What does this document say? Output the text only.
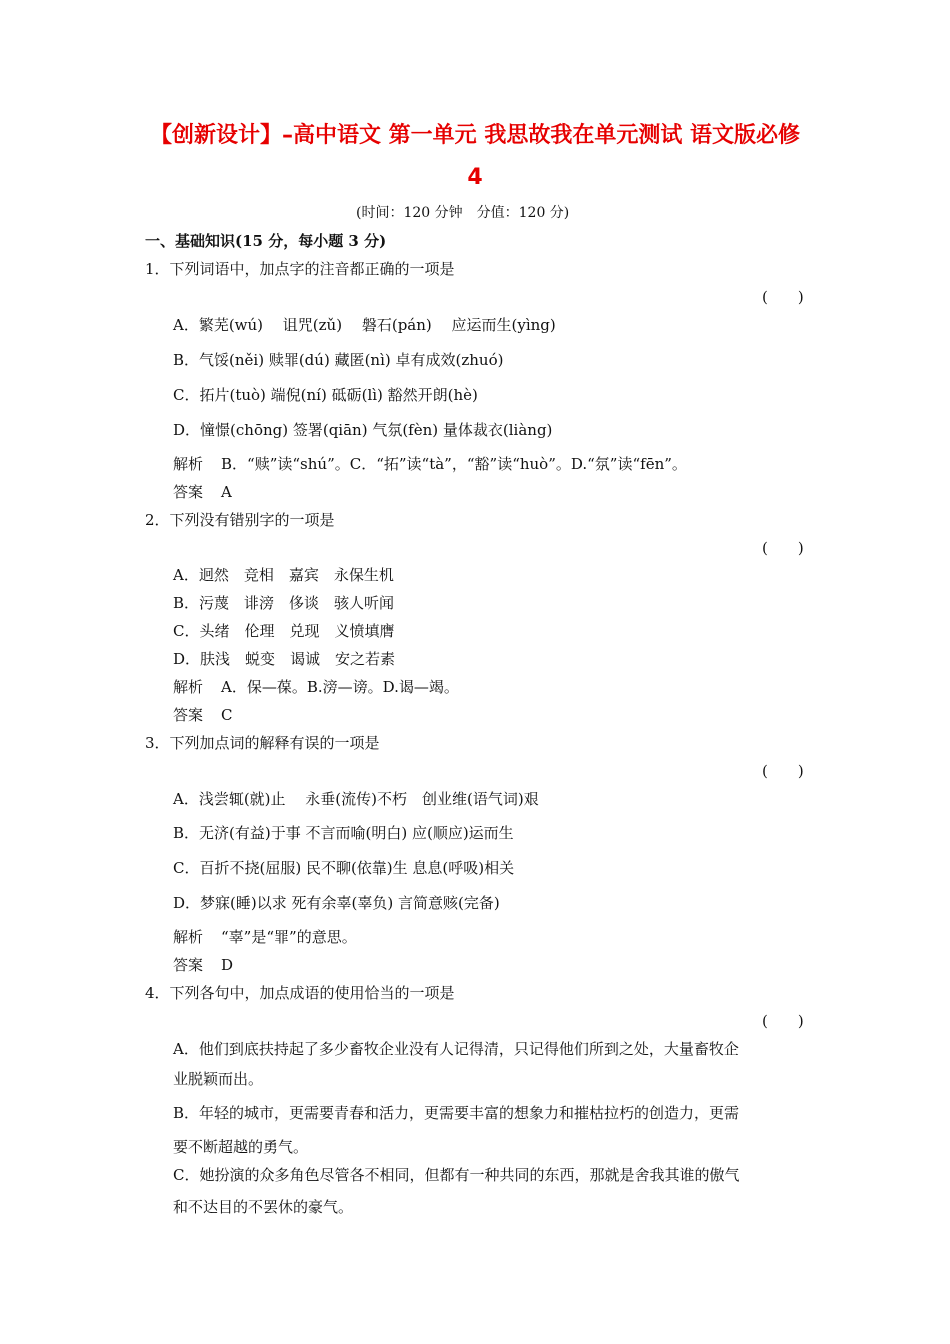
【创新设计】–高中语文 第一单元 我思故我在单元测试 语文版必修
4
(时间：120 分钟　分值：120 分)
一、基础知识(15 分，每小题 3 分)
1．下列词语中，加点字的注音都正确的一项是
(　　)
A．繁芜(wú)　 诅咒(zǔ)　 磐石(pán)　 应运而生(yìng)
B．气馁(něi) 赎罪(dú) 藏匿(nì) 卓有成效(zhuó)
C．拓片(tuò) 端倪(ní) 砥砺(lì) 豁然开朗(hè)
D．憧憬(chōng) 签署(qiān) 气氛(fèn) 量体裁衣(liàng)
解析 B．“赎”读“shú”。C．“拓”读“tà”，“豁”读“huò”。D.“氛”读“fēn”。
答案 A
2．下列没有错别字的一项是
(　　)
A．迥然　竞相　嘉宾　永保生机
B．污蔑　诽滂　侈谈　骇人听闻
C．头绪　伦理　兑现　义愤填膺
D．肤浅　蜕变　谒诚　安之若素
解析 A．保—葆。B.滂—谤。D.谒—竭。
答案 C
3．下列加点词的解释有误的一项是
(　　)
A．浅尝辄(就)止　 永垂(流传)不朽　创业维(语气词)艰
B．无济(有益)于事 不言而喻(明白) 应(顺应)运而生
C．百折不挠(屈服) 民不聊(依靠)生 息息(呼吸)相关
D．梦寐(睡)以求 死有余辜(辜负) 言简意赅(完备)
解析 “辜”是“罪”的意思。
答案 D
4．下列各句中，加点成语的使用恰当的一项是
(　　)
A．他们到底扶持起了多少畜牧企业没有人记得清，只记得他们所到之处，大量畜牧企
业脱颖而出。
B．年轻的城市，更需要青春和活力，更需要丰富的想象力和摧枯拉朽的创造力，更需
要不断超越的勇气。
C．她扮演的众多角色尽管各不相同，但都有一种共同的东西，那就是舍我其谁的傲气
和不达目的不罢休的豪气。
